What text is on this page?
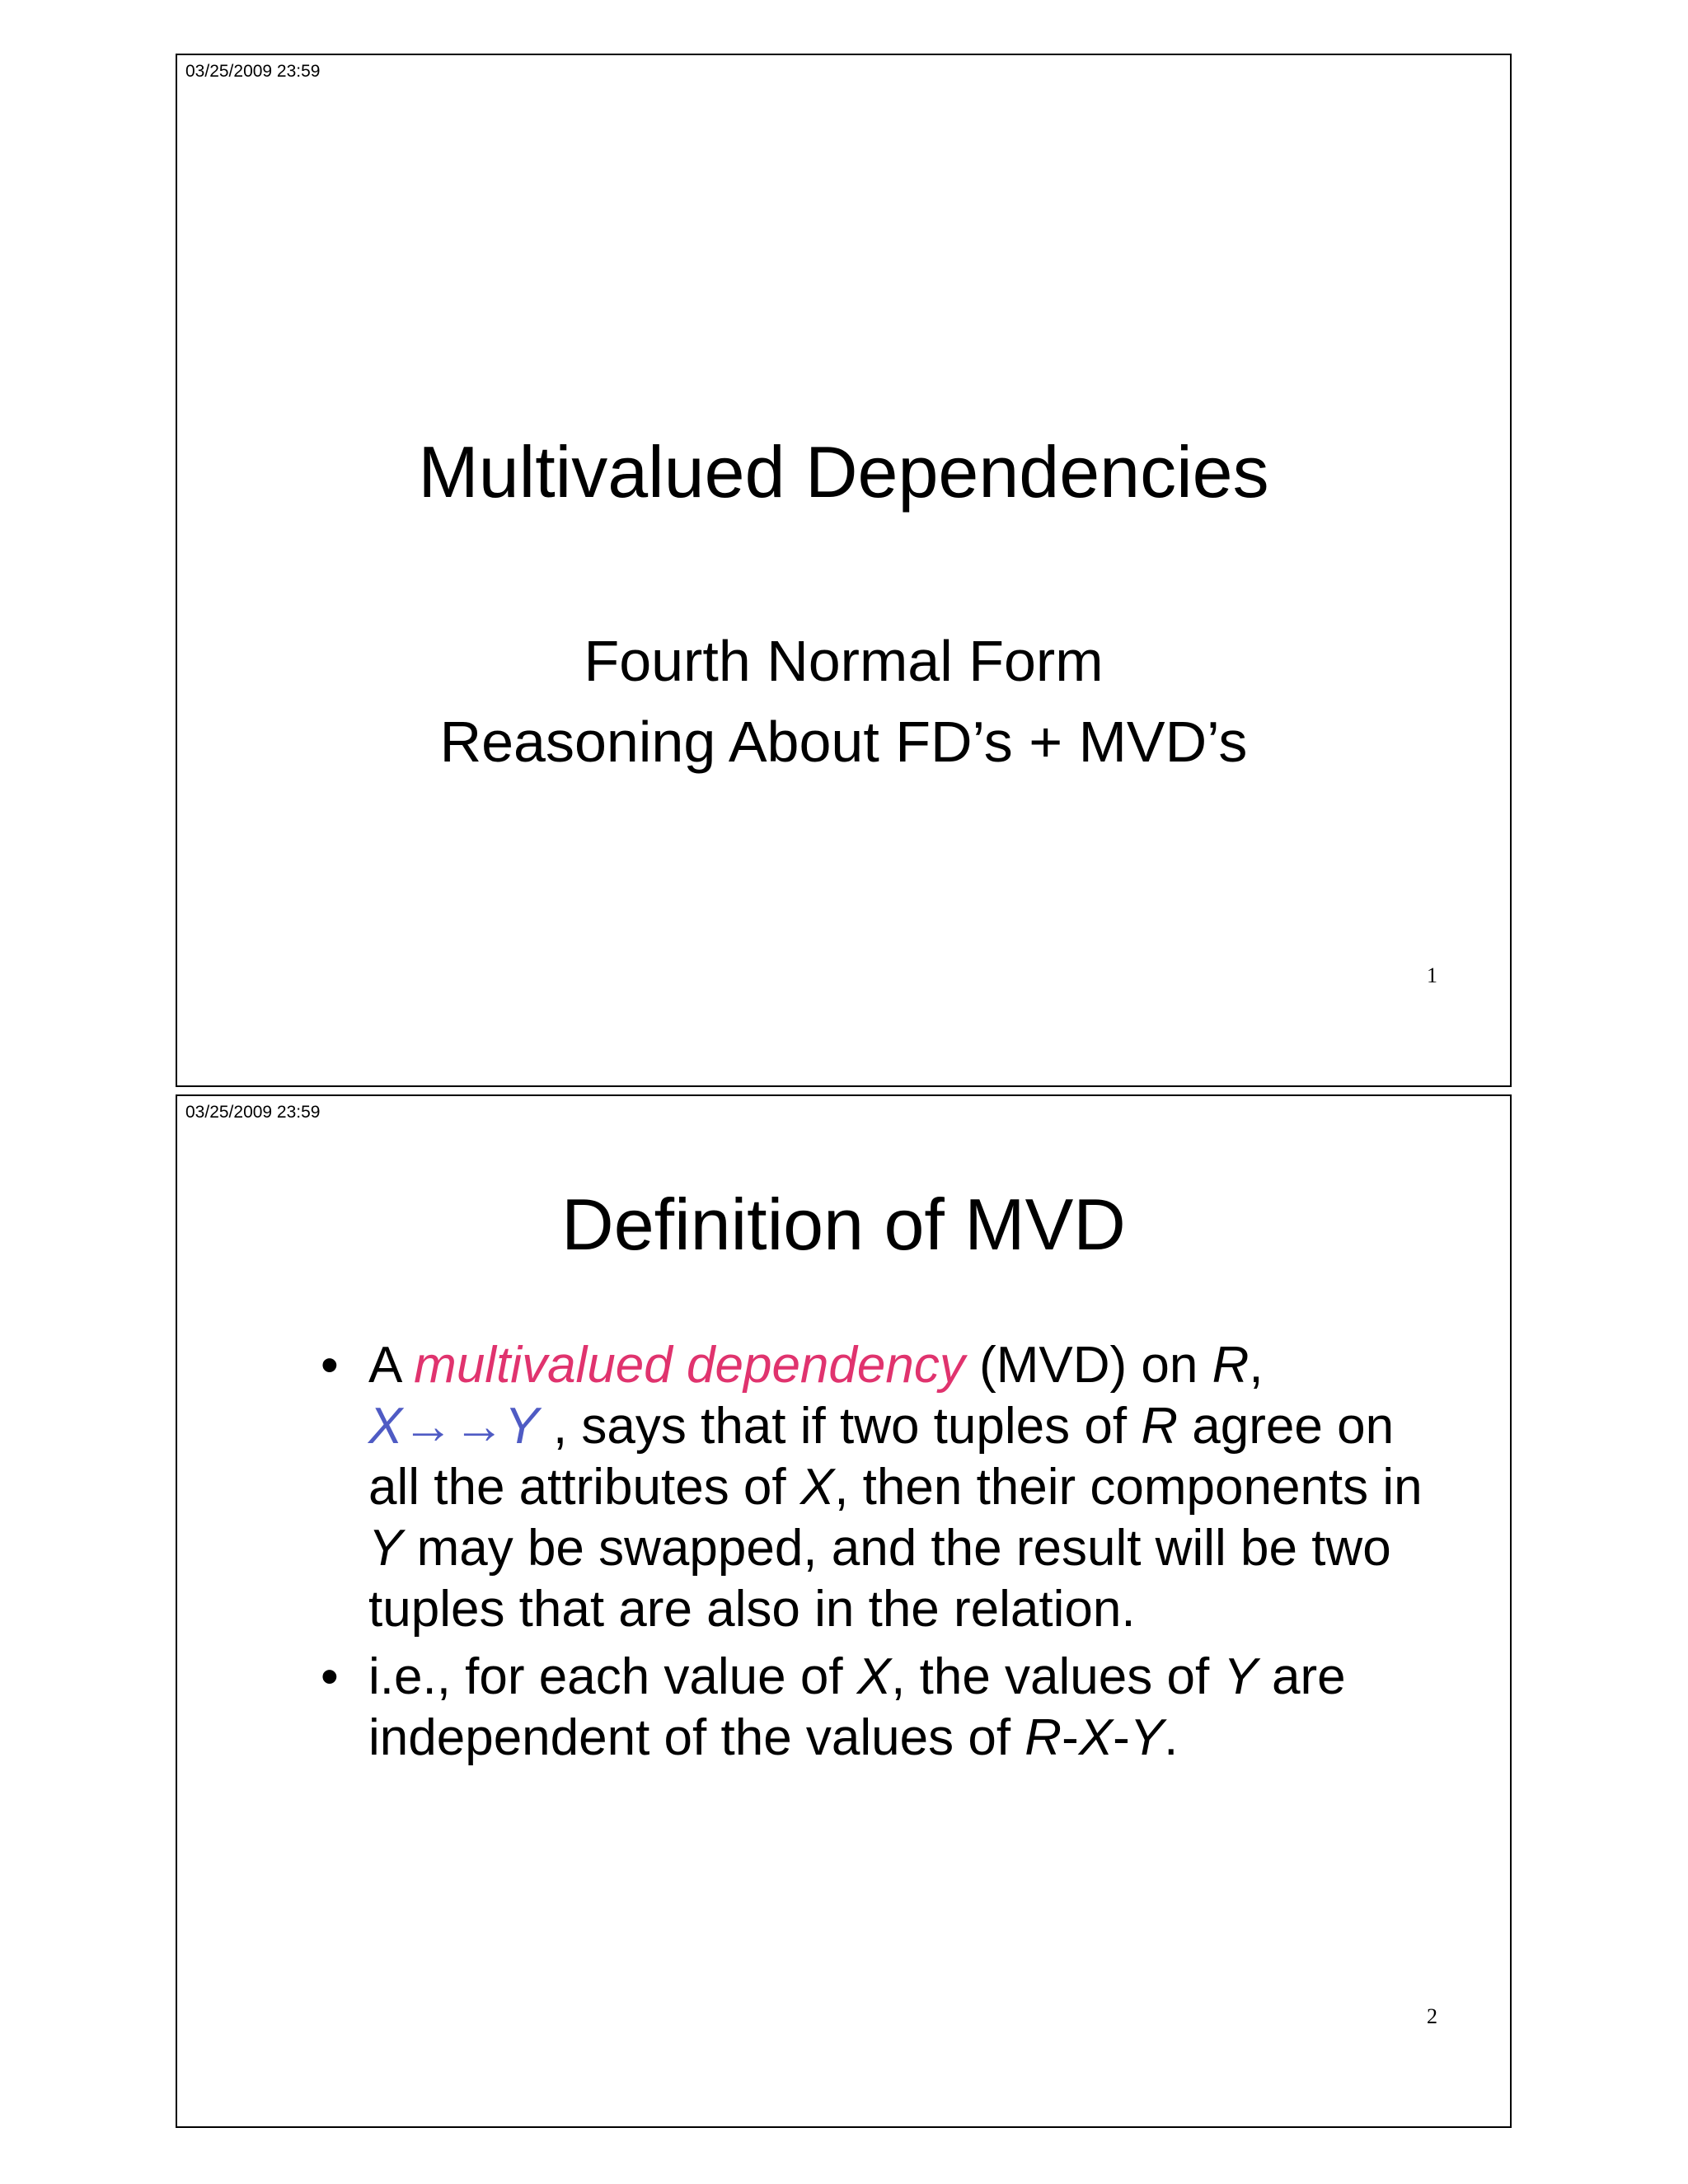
03/25/2009 23:59
Multivalued Dependencies
Fourth Normal Form
Reasoning About FD’s + MVD’s
1
03/25/2009 23:59
Definition of MVD
• A multivalued dependency (MVD) on R,
X→→Y , says that if two tuples of R agree on all the attributes of X, then their components in Y may be swapped, and the result will be two tuples that are also in the relation.
• i.e., for each value of X, the values of Y are independent of the values of R-X-Y.
2
